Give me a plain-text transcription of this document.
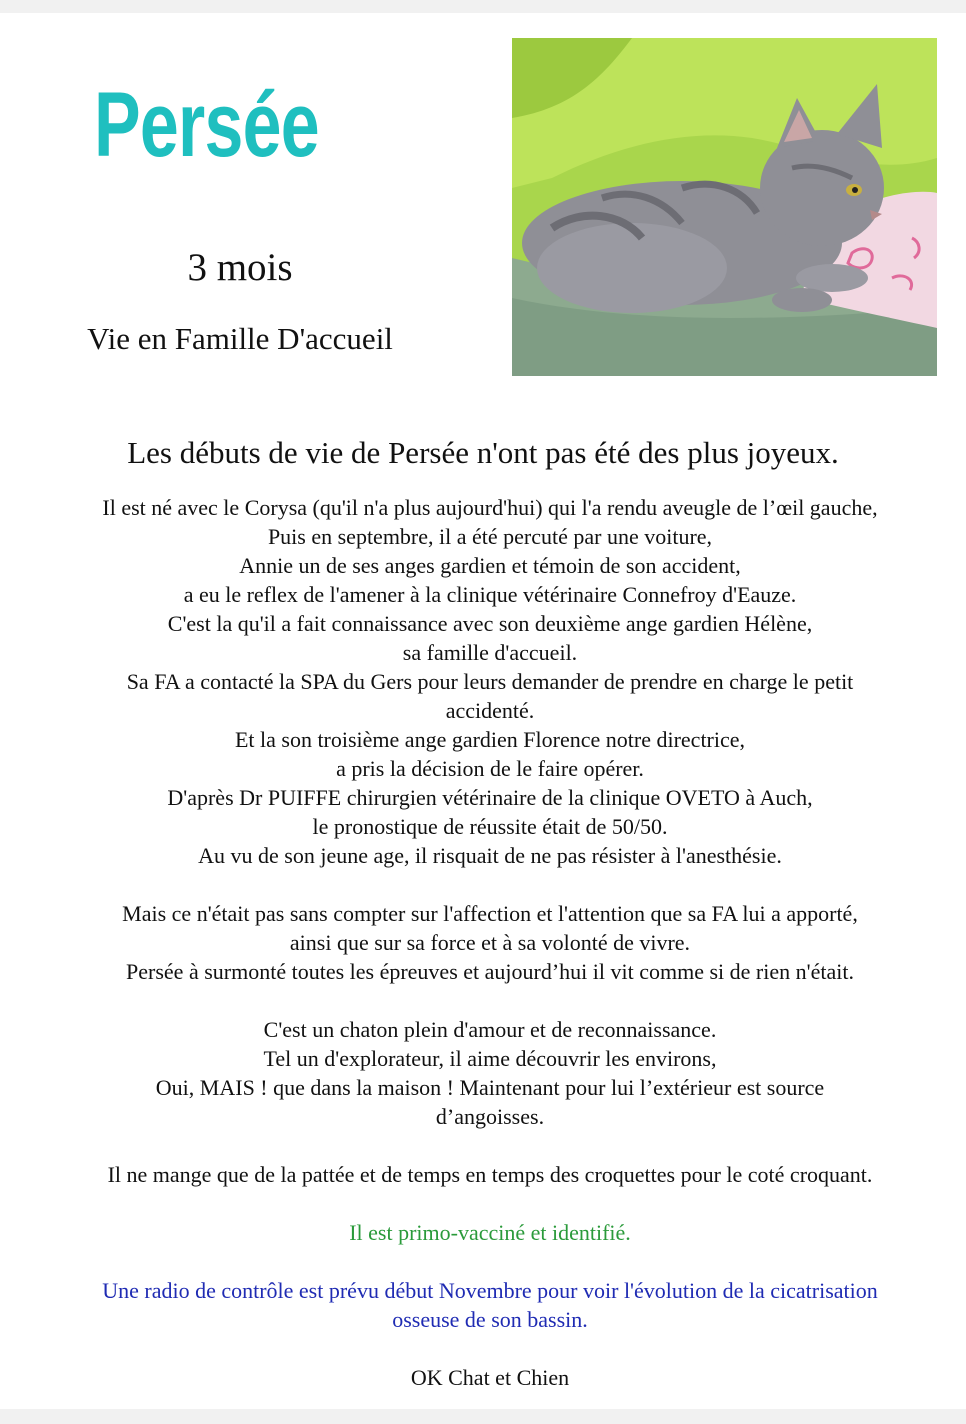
Persée
3 mois
Vie en Famille D'accueil
Les débuts de vie de Persée n'ont pas été des plus joyeux.
Il est né avec le Corysa (qu'il n'a plus aujourd'hui) qui l'a rendu aveugle de l’œil gauche,
Puis en septembre, il a été percuté par une voiture,
Annie un de ses anges gardien et témoin de son accident,
a eu le reflex de l'amener à la clinique vétérinaire Connefroy d'Eauze.
C'est la qu'il a fait connaissance avec son deuxième ange gardien Hélène,
sa famille d'accueil.
Sa FA a contacté la SPA du Gers pour leurs demander de prendre en charge le petit
accidenté.
Et la son troisième ange gardien Florence notre directrice,
a pris la décision de le faire opérer.
D'après Dr PUIFFE chirurgien vétérinaire de la clinique OVETO à Auch,
le pronostique de réussite était de 50/50.
Au vu de son jeune age, il risquait de ne pas résister à l'anesthésie.
Mais ce n'était pas sans compter sur l'affection et l'attention que sa FA lui a apporté,
ainsi que sur sa force et à sa volonté de vivre.
Persée à surmonté toutes les épreuves et aujourd’hui il vit comme si de rien n'était.
C'est un chaton plein d'amour et de reconnaissance.
Tel un d'explorateur, il aime découvrir les environs,
Oui, MAIS ! que dans la maison ! Maintenant pour lui l’extérieur est source
d’angoisses.
Il ne mange que de la pattée et de temps en temps des croquettes pour le coté croquant.
Il est primo-vacciné et identifié.
Une radio de contrôle est prévu début Novembre pour voir l'évolution de la cicatrisation
osseuse de son bassin.
OK Chat et Chien
